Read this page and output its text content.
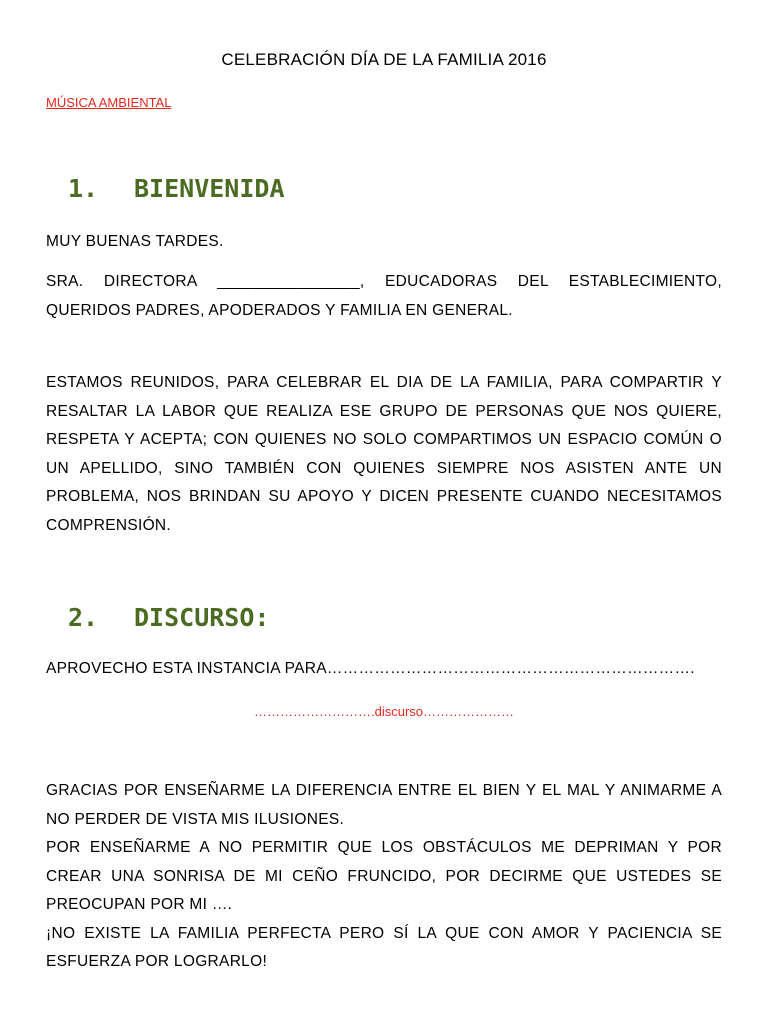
CELEBRACIÓN DÍA DE LA FAMILIA 2016
MÚSICA AMBIENTAL
1.	BIENVENIDA
MUY BUENAS TARDES.
SRA. DIRECTORA ________________, EDUCADORAS DEL ESTABLECIMIENTO, QUERIDOS PADRES, APODERADOS Y FAMILIA EN GENERAL.
ESTAMOS REUNIDOS, PARA CELEBRAR EL DIA DE LA FAMILIA, PARA COMPARTIR Y RESALTAR LA LABOR QUE REALIZA ESE GRUPO DE PERSONAS QUE NOS QUIERE, RESPETA Y ACEPTA; CON QUIENES NO SOLO COMPARTIMOS UN ESPACIO COMÚN O UN APELLIDO, SINO TAMBIÉN CON QUIENES SIEMPRE NOS ASISTEN ANTE UN PROBLEMA, NOS BRINDAN SU APOYO Y DICEN PRESENTE CUANDO NECESITAMOS COMPRENSIÓN.
2.	DISCURSO:
APROVECHO ESTA INSTANCIA PARA…………………………………………………………….
……………………….discurso…………………
GRACIAS POR ENSEÑARME LA DIFERENCIA ENTRE EL BIEN Y EL MAL Y ANIMARME A NO PERDER DE VISTA MIS ILUSIONES.
POR ENSEÑARME A NO PERMITIR QUE LOS OBSTÁCULOS ME DEPRIMAN Y POR CREAR UNA SONRISA DE MI CEÑO FRUNCIDO, POR DECIRME QUE USTEDES SE PREOCUPAN POR MI ….
¡NO EXISTE LA FAMILIA PERFECTA PERO SÍ LA QUE CON AMOR Y PACIENCIA SE ESFUERZA POR LOGRARLO!
